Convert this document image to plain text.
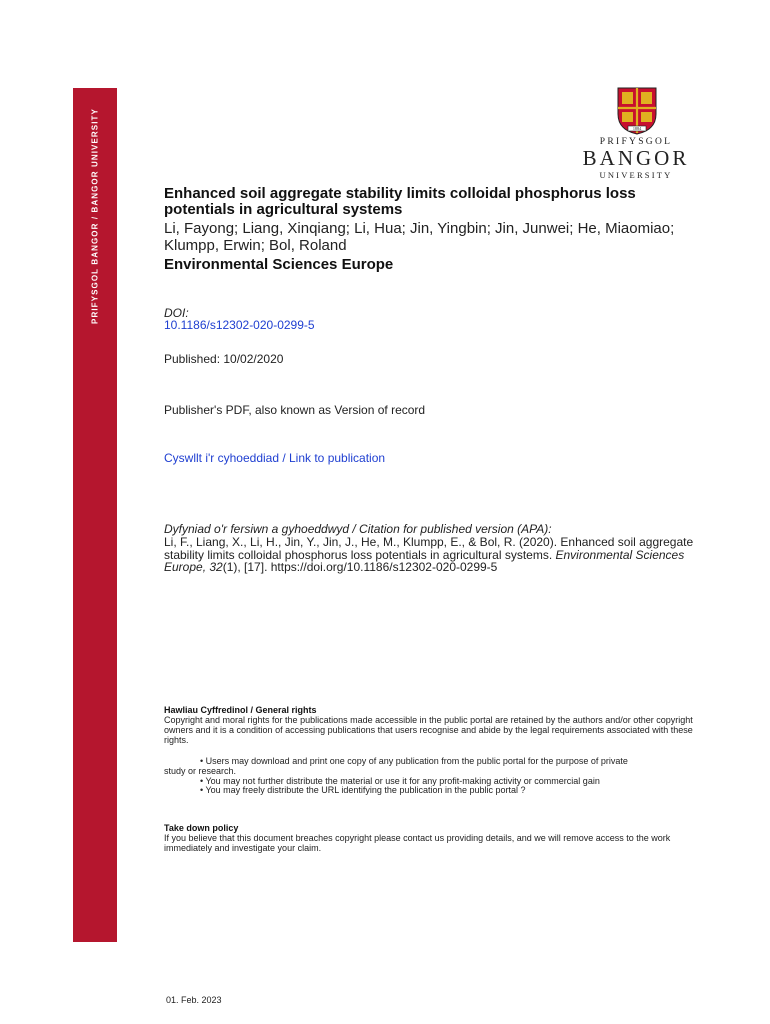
PRIFYSGOL BANGOR / BANGOR UNIVERSITY	1884
PRIFYSGOL
BANGOR
UNIVERSITY
Enhanced soil aggregate stability limits colloidal phosphorus loss potentials in agricultural systems
Li, Fayong; Liang, Xinqiang; Li, Hua; Jin, Yingbin; Jin, Junwei; He, Miaomiao; Klumpp, Erwin; Bol, Roland
Environmental Sciences Europe
DOI:
10.1186/s12302-020-0299-5
Published: 10/02/2020
Publisher's PDF, also known as Version of record
Cyswllt i'r cyhoeddiad / Link to publication
Dyfyniad o'r fersiwn a gyhoeddwyd / Citation for published version (APA):
Li, F., Liang, X., Li, H., Jin, Y., Jin, J., He, M., Klumpp, E., & Bol, R. (2020). Enhanced soil aggregate stability limits colloidal phosphorus loss potentials in agricultural systems. Environmental Sciences Europe, 32(1), [17]. https://doi.org/10.1186/s12302-020-0299-5
Hawliau Cyffredinol / General rights
Copyright and moral rights for the publications made accessible in the public portal are retained by the authors and/or other copyright owners and it is a condition of accessing publications that users recognise and abide by the legal requirements associated with these rights.
• Users may download and print one copy of any publication from the public portal for the purpose of private
study or research.
• You may not further distribute the material or use it for any profit-making activity or commercial gain
• You may freely distribute the URL identifying the publication in the public portal ?
Take down policy
If you believe that this document breaches copyright please contact us providing details, and we will remove access to the work immediately and investigate your claim.
01. Feb. 2023
